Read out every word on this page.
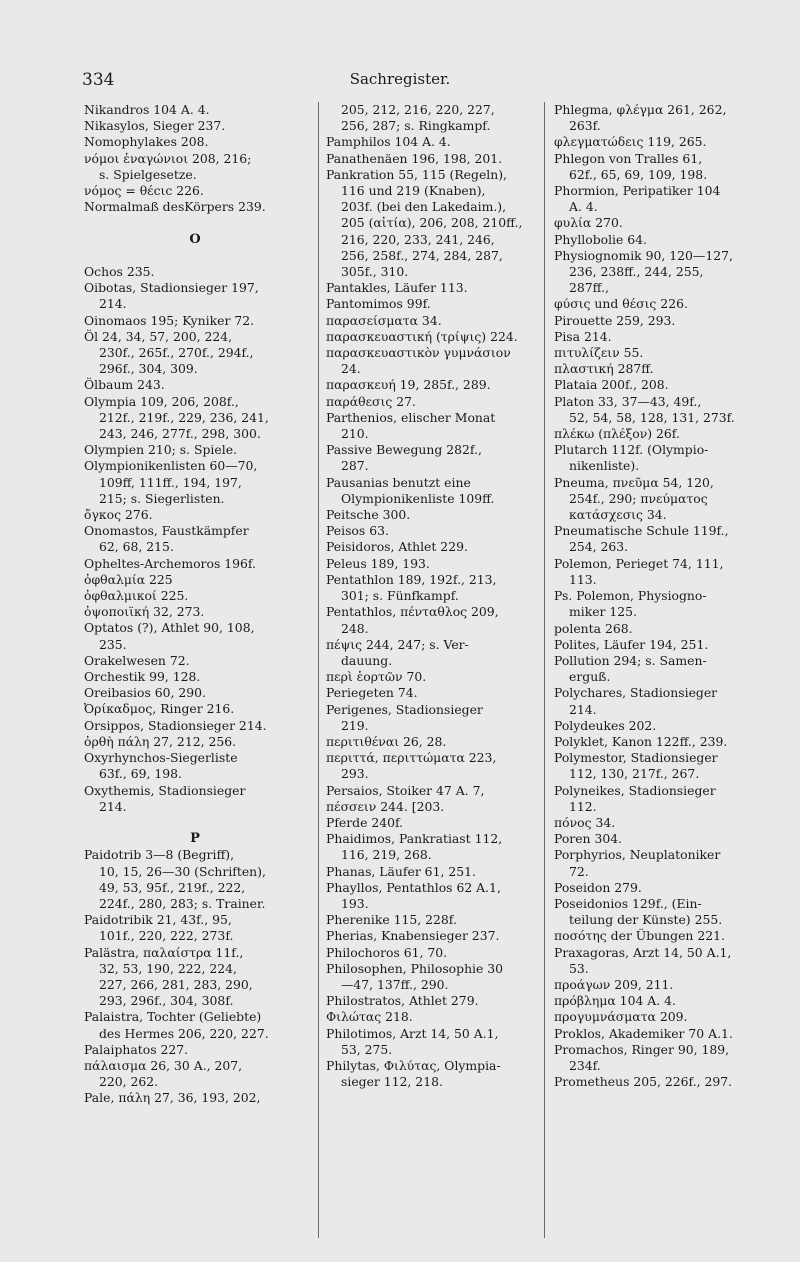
334	Sachregister.
Nikandros 104 A. 4.
Nikasylos, Sieger 237.
Nomophylakes 208.
νόμοι ἐναγώνιοι 208, 216;
s. Spielgesetze.
νόμος = θέcιc 226.
Normalmaß desKörpers 239.
O
Ochos 235.
Oibotas, Stadionsieger 197,
214.
Oinomaos 195; Kyniker 72.
Öl 24, 34, 57, 200, 224,
230f., 265f., 270f., 294f.,
296f., 304, 309.
Ölbaum 243.
Olympia 109, 206, 208f.,
212f., 219f., 229, 236, 241,
243, 246, 277f., 298, 300.
Olympien 210; s. Spiele.
Olympionikenlisten 60—70,
109ff, 111ff., 194, 197,
215; s. Siegerlisten.
ὄγκος 276.
Onomastos, Faustkämpfer
62, 68, 215.
Opheltes-Archemoros 196f.
ὀφθαλμία 225
ὀφθαλμικοί 225.
ὀψοποιϊκή 32, 273.
Optatos (?), Athlet 90, 108,
235.
Orakelwesen 72.
Orchestik 99, 128.
Oreibasios 60, 290.
Ὀρίκαδμος, Ringer 216.
Orsippos, Stadionsieger 214.
ὀρθὴ πάλη 27, 212, 256.
Oxyrhynchos-Siegerliste
63f., 69, 198.
Oxythemis, Stadionsieger
214.
P
Paidotrib 3—8 (Begriff),
10, 15, 26—30 (Schriften),
49, 53, 95f., 219f., 222,
224f., 280, 283; s. Trainer.
Paidotribik 21, 43f., 95,
101f., 220, 222, 273f.
Palästra, παλαίστρα 11f.,
32, 53, 190, 222, 224,
227, 266, 281, 283, 290,
293, 296f., 304, 308f.
Palaistra, Tochter (Geliebte)
des Hermes 206, 220, 227.
Palaiphatos 227.
πάλαισμα 26, 30 A., 207,
220, 262.
Pale, πάλη 27, 36, 193, 202,
205, 212, 216, 220, 227,
256, 287; s. Ringkampf.
Pamphilos 104 A. 4.
Panathenäen 196, 198, 201.
Pankration 55, 115 (Regeln),
116 und 219 (Knaben),
203f. (bei den Lakedaim.),
205 (αἰτία), 206, 208, 210ff.,
216, 220, 233, 241, 246,
256, 258f., 274, 284, 287,
305f., 310.
Pantakles, Läufer 113.
Pantomimos 99f.
παρασείσματα 34.
παρασκευαστική (τρίψις) 224.
παρασκευαστικὸν γυμνάσιον
24.
παρασκευή 19, 285f., 289.
παράθεσις 27.
Parthenios, elischer Monat
210.
Passive Bewegung 282f.,
287.
Pausanias benutzt eine
Olympionikenliste 109ff.
Peitsche 300.
Peisos 63.
Peisidoros, Athlet 229.
Peleus 189, 193.
Pentathlon 189, 192f., 213,
301; s. Fünfkampf.
Pentathlos, πένταθλος 209,
248.
πέψις 244, 247; s. Ver-
dauung.
περὶ ἑορτῶν 70.
Periegeten 74.
Perigenes, Stadionsieger
219.
περιτιθέναι 26, 28.
περιττά, περιττώματα 223,
293.
Persaios, Stoiker 47 A. 7,
πέσσειν 244. [203.
Pferde 240f.
Phaidimos, Pankratiast 112,
116, 219, 268.
Phanas, Läufer 61, 251.
Phayllos, Pentathlos 62 A.1,
193.
Pherenike 115, 228f.
Pherias, Knabensieger 237.
Philochoros 61, 70.
Philosophen, Philosophie 30
—47, 137ff., 290.
Philostratos, Athlet 279.
Φιλώτας 218.
Philotimos, Arzt 14, 50 A.1,
53, 275.
Philytas, Φιλύτας, Olympia-
sieger 112, 218.
Phlegma, φλέγμα 261, 262,
263f.
φλεγματώδεις 119, 265.
Phlegon von Tralles 61,
62f., 65, 69, 109, 198.
Phormion, Peripatiker 104
A. 4.
φυλία 270.
Phyllobolie 64.
Physiognomik 90, 120—127,
236, 238ff., 244, 255,
287ff.,
φύσις und θέσις 226.
Pirouette 259, 293.
Pisa 214.
πιτυλίζειν 55.
πλαστική 287ff.
Plataia 200f., 208.
Platon 33, 37—43, 49f.,
52, 54, 58, 128, 131, 273f.
πλέκω (πλέξον) 26f.
Plutarch 112f. (Olympio-
nikenliste).
Pneuma, πνεῦμα 54, 120,
254f., 290; πνεύματος
κατάσχεσις 34.
Pneumatische Schule 119f.,
254, 263.
Polemon, Perieget 74, 111,
113.
Ps. Polemon, Physiogno-
miker 125.
polenta 268.
Polites, Läufer 194, 251.
Pollution 294; s. Samen-
erguß.
Polychares, Stadionsieger
214.
Polydeukes 202.
Polyklet, Kanon 122ff., 239.
Polymestor, Stadionsieger
112, 130, 217f., 267.
Polyneikes, Stadionsieger
112.
πόνος 34.
Poren 304.
Porphyrios, Neuplatoniker
72.
Poseidon 279.
Poseidonios 129f., (Ein-
teilung der Künste) 255.
ποσότης der Übungen 221.
Praxagoras, Arzt 14, 50 A.1,
53.
προάγων 209, 211.
πρόβλημα 104 A. 4.
προγυμνάσματα 209.
Proklos, Akademiker 70 A.1.
Promachos, Ringer 90, 189,
234f.
Prometheus 205, 226f., 297.
